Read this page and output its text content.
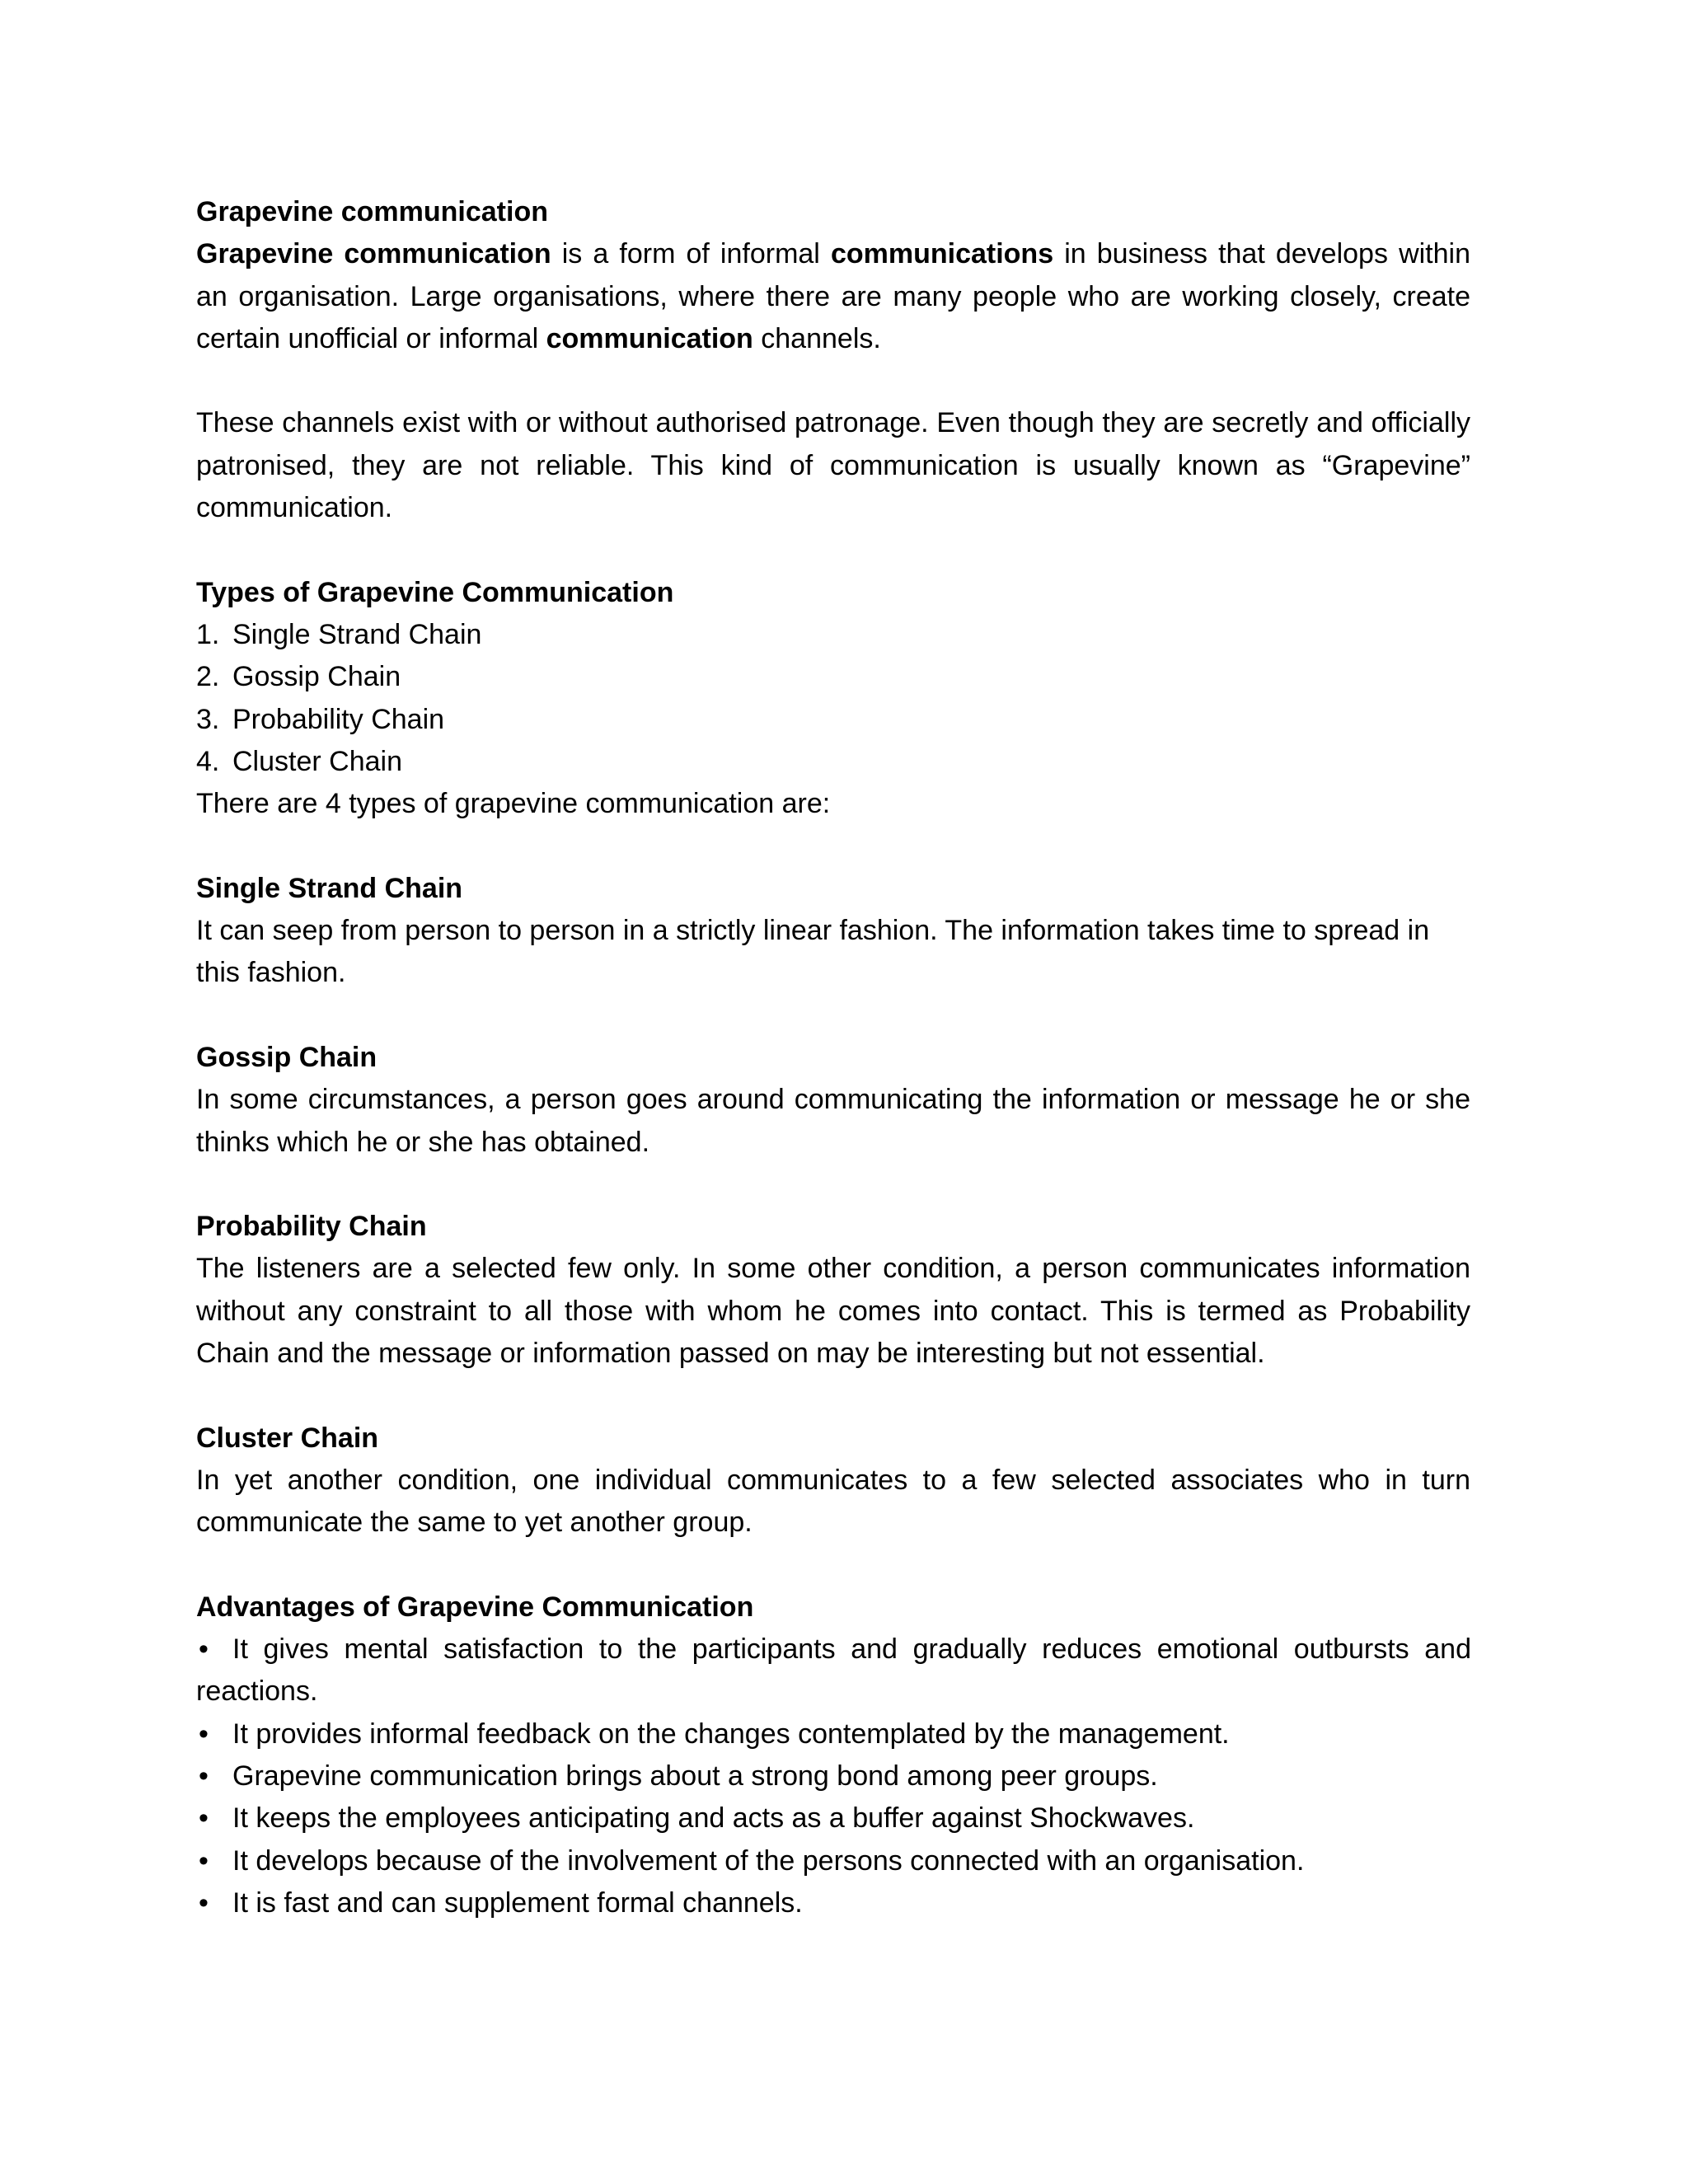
Grapevine communication

Grapevine communication is a form of informal communications in business that develops within an organisation. Large organisations, where there are many people who are working closely, create certain unofficial or informal communication channels.

These channels exist with or without authorised patronage. Even though they are secretly and officially patronised, they are not reliable. This kind of communication is usually known as “Grapevine” communication.

Types of Grapevine Communication

1. Single Strand Chain

2. Gossip Chain

3. Probability Chain

4. Cluster Chain

There are 4 types of grapevine communication are:

Single Strand Chain

It can seep from person to person in a strictly linear fashion. The information takes time to spread in this fashion.

Gossip Chain

In some circumstances, a person goes around communicating the information or message he or she thinks which he or she has obtained.

Probability Chain

The listeners are a selected few only. In some other condition, a person communicates information without any constraint to all those with whom he comes into contact. This is termed as Probability Chain and the message or information passed on may be interesting but not essential.

Cluster Chain

In yet another condition, one individual communicates to a few selected associates who in turn communicate the same to yet another group.

Advantages of Grapevine Communication

• It gives mental satisfaction to the participants and gradually reduces emotional outbursts and

reactions.

• It provides informal feedback on the changes contemplated by the management.

• Grapevine communication brings about a strong bond among peer groups.

• It keeps the employees anticipating and acts as a buffer against Shockwaves.

• It develops because of the involvement of the persons connected with an organisation.

• It is fast and can supplement formal channels.
